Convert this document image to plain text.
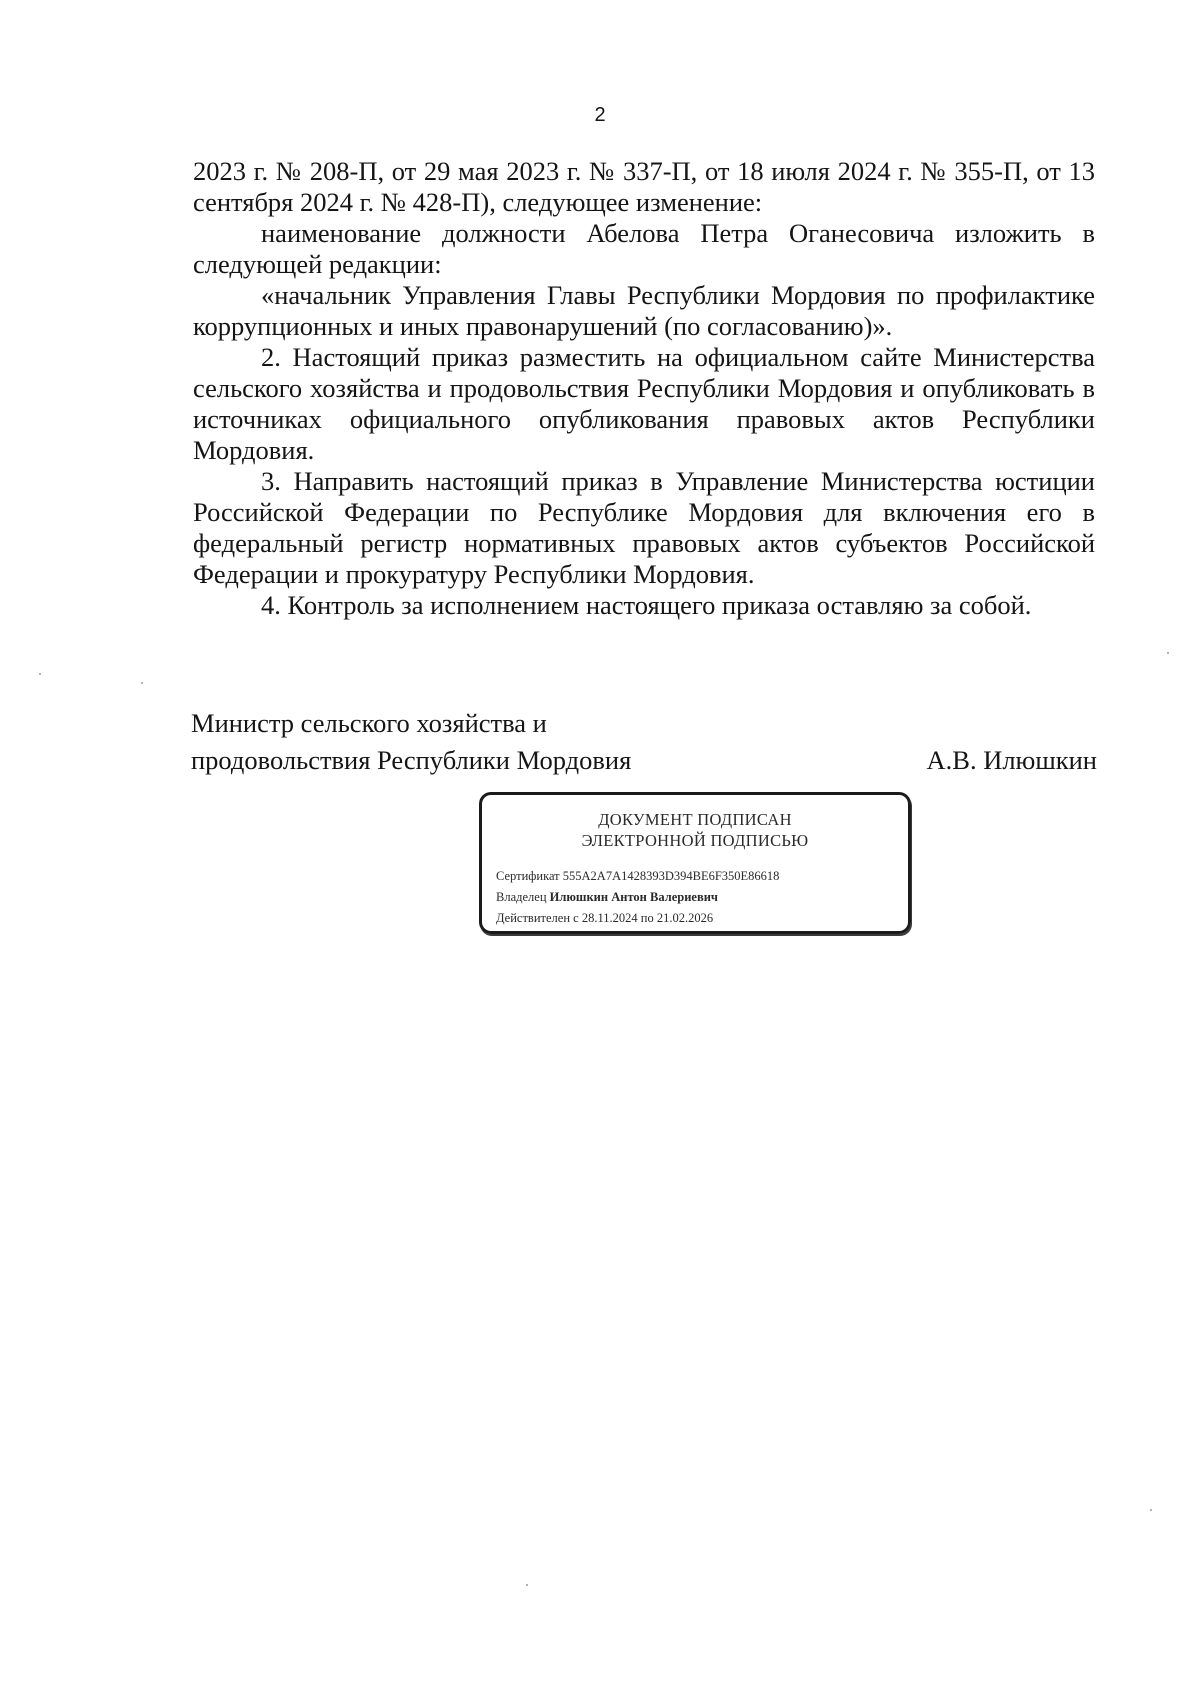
2

2023 г. № 208-П, от 29 мая 2023 г. № 337-П, от 18 июля 2024 г. № 355-П, от 13 сентября 2024 г. № 428-П), следующее изменение:

наименование должности Абелова Петра Оганесовича изложить в следующей редакции:

«начальник Управления Главы Республики Мордовия по профилактике коррупционных и иных правонарушений (по согласованию)».

2. Настоящий приказ разместить на официальном сайте Министерства сельского хозяйства и продовольствия Республики Мордовия и опубликовать в источниках официального опубликования правовых актов Республики Мордовия.

3. Направить настоящий приказ в Управление Министерства юстиции Российской Федерации по Республике Мордовия для включения его в федеральный регистр нормативных правовых актов субъектов Российской Федерации и прокуратуру Республики Мордовия.

4. Контроль за исполнением настоящего приказа оставляю за собой.

Министр сельского хозяйства и
продовольствия Республики Мордовия	А.В. Илюшкин
ДОКУМЕНТ ПОДПИСАН
ЭЛЕКТРОННОЙ ПОДПИСЬЮ
Сертификат 555A2A7A1428393D394BE6F350E86618
Владелец Илюшкин Антон Валериевич
Действителен с 28.11.2024 по 21.02.2026
